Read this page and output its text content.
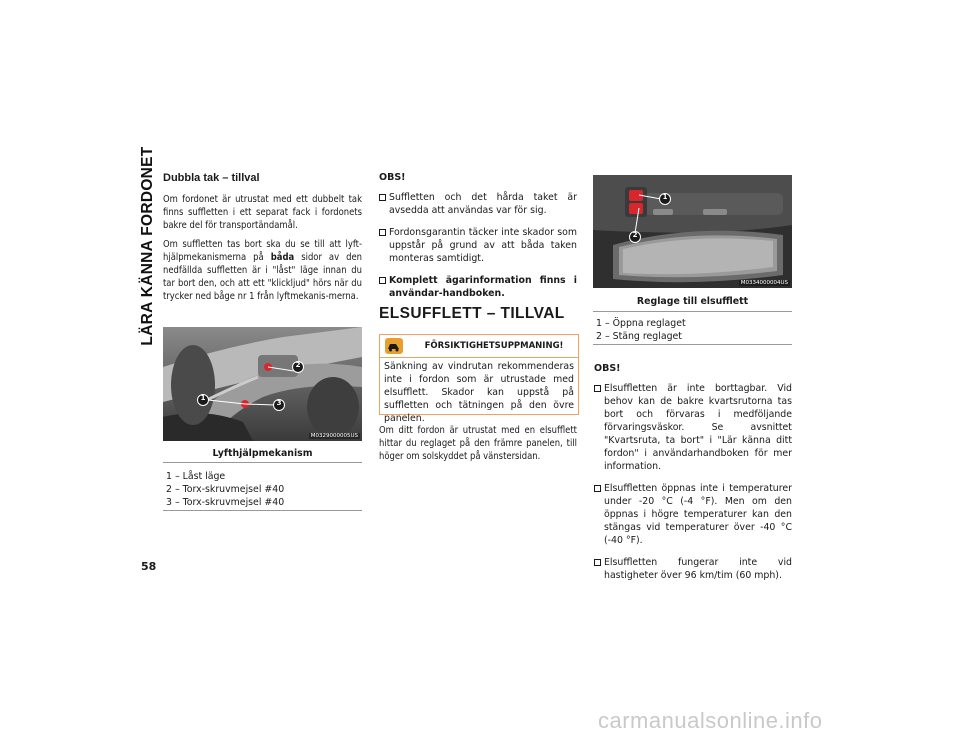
LÄRA KÄNNA FORDONET
58
Dubbla tak – tillval

Om fordonet är utrustat med ett dubbelt tak finns suffletten i ett separat fack i fordonets bakre del för transportändamål.

Om suffletten tas bort ska du se till att lyft-hjälpmekanismerna på båda sidor av den nedfällda suffletten är i "låst" läge innan du tar bort den, och att ett "klickljud" hörs när du trycker ned båge nr 1 från lyftmekanis-merna.

M0329000005US
1
2
3
Lyfthjälpmekanism
1 – Låst läge
2 – Torx-skruvmejsel #40
3 – Torx-skruvmejsel #40
OBS!
Suffletten och det hårda taket är avsedda att användas var för sig.
Fordonsgarantin täcker inte skador som uppstår på grund av att båda taken monteras samtidigt.
Komplett ägarinformation finns i användar-handboken.
ELSUFFLETT – TILLVAL
FÖRSIKTIGHETSUPPMANING!
Sänkning av vindrutan rekommenderas inte i fordon som är utrustade med elsufflett. Skador kan uppstå på suffletten och tätningen på den övre panelen.

Om ditt fordon är utrustat med en elsufflett hittar du reglaget på den främre panelen, till höger om solskyddet på vänstersidan.

M0334000004US
1
2
Reglage till elsufflett
1 – Öppna reglaget
2 – Stäng reglaget
OBS!
Elsuffletten är inte borttagbar. Vid behov kan de bakre kvartsrutorna tas bort och förvaras i medföljande förvaringsväskor. Se avsnittet "Kvartsruta, ta bort" i "Lär känna ditt fordon" i användarhandboken för mer information.
Elsuffletten öppnas inte i temperaturer under -20 °C (-4 °F). Men om den öppnas i högre temperaturer kan den stängas vid temperaturer över -40 °C (-40 °F).
Elsuffletten fungerar inte vid hastigheter över 96 km/tim (60 mph).
carmanualsonline.info
